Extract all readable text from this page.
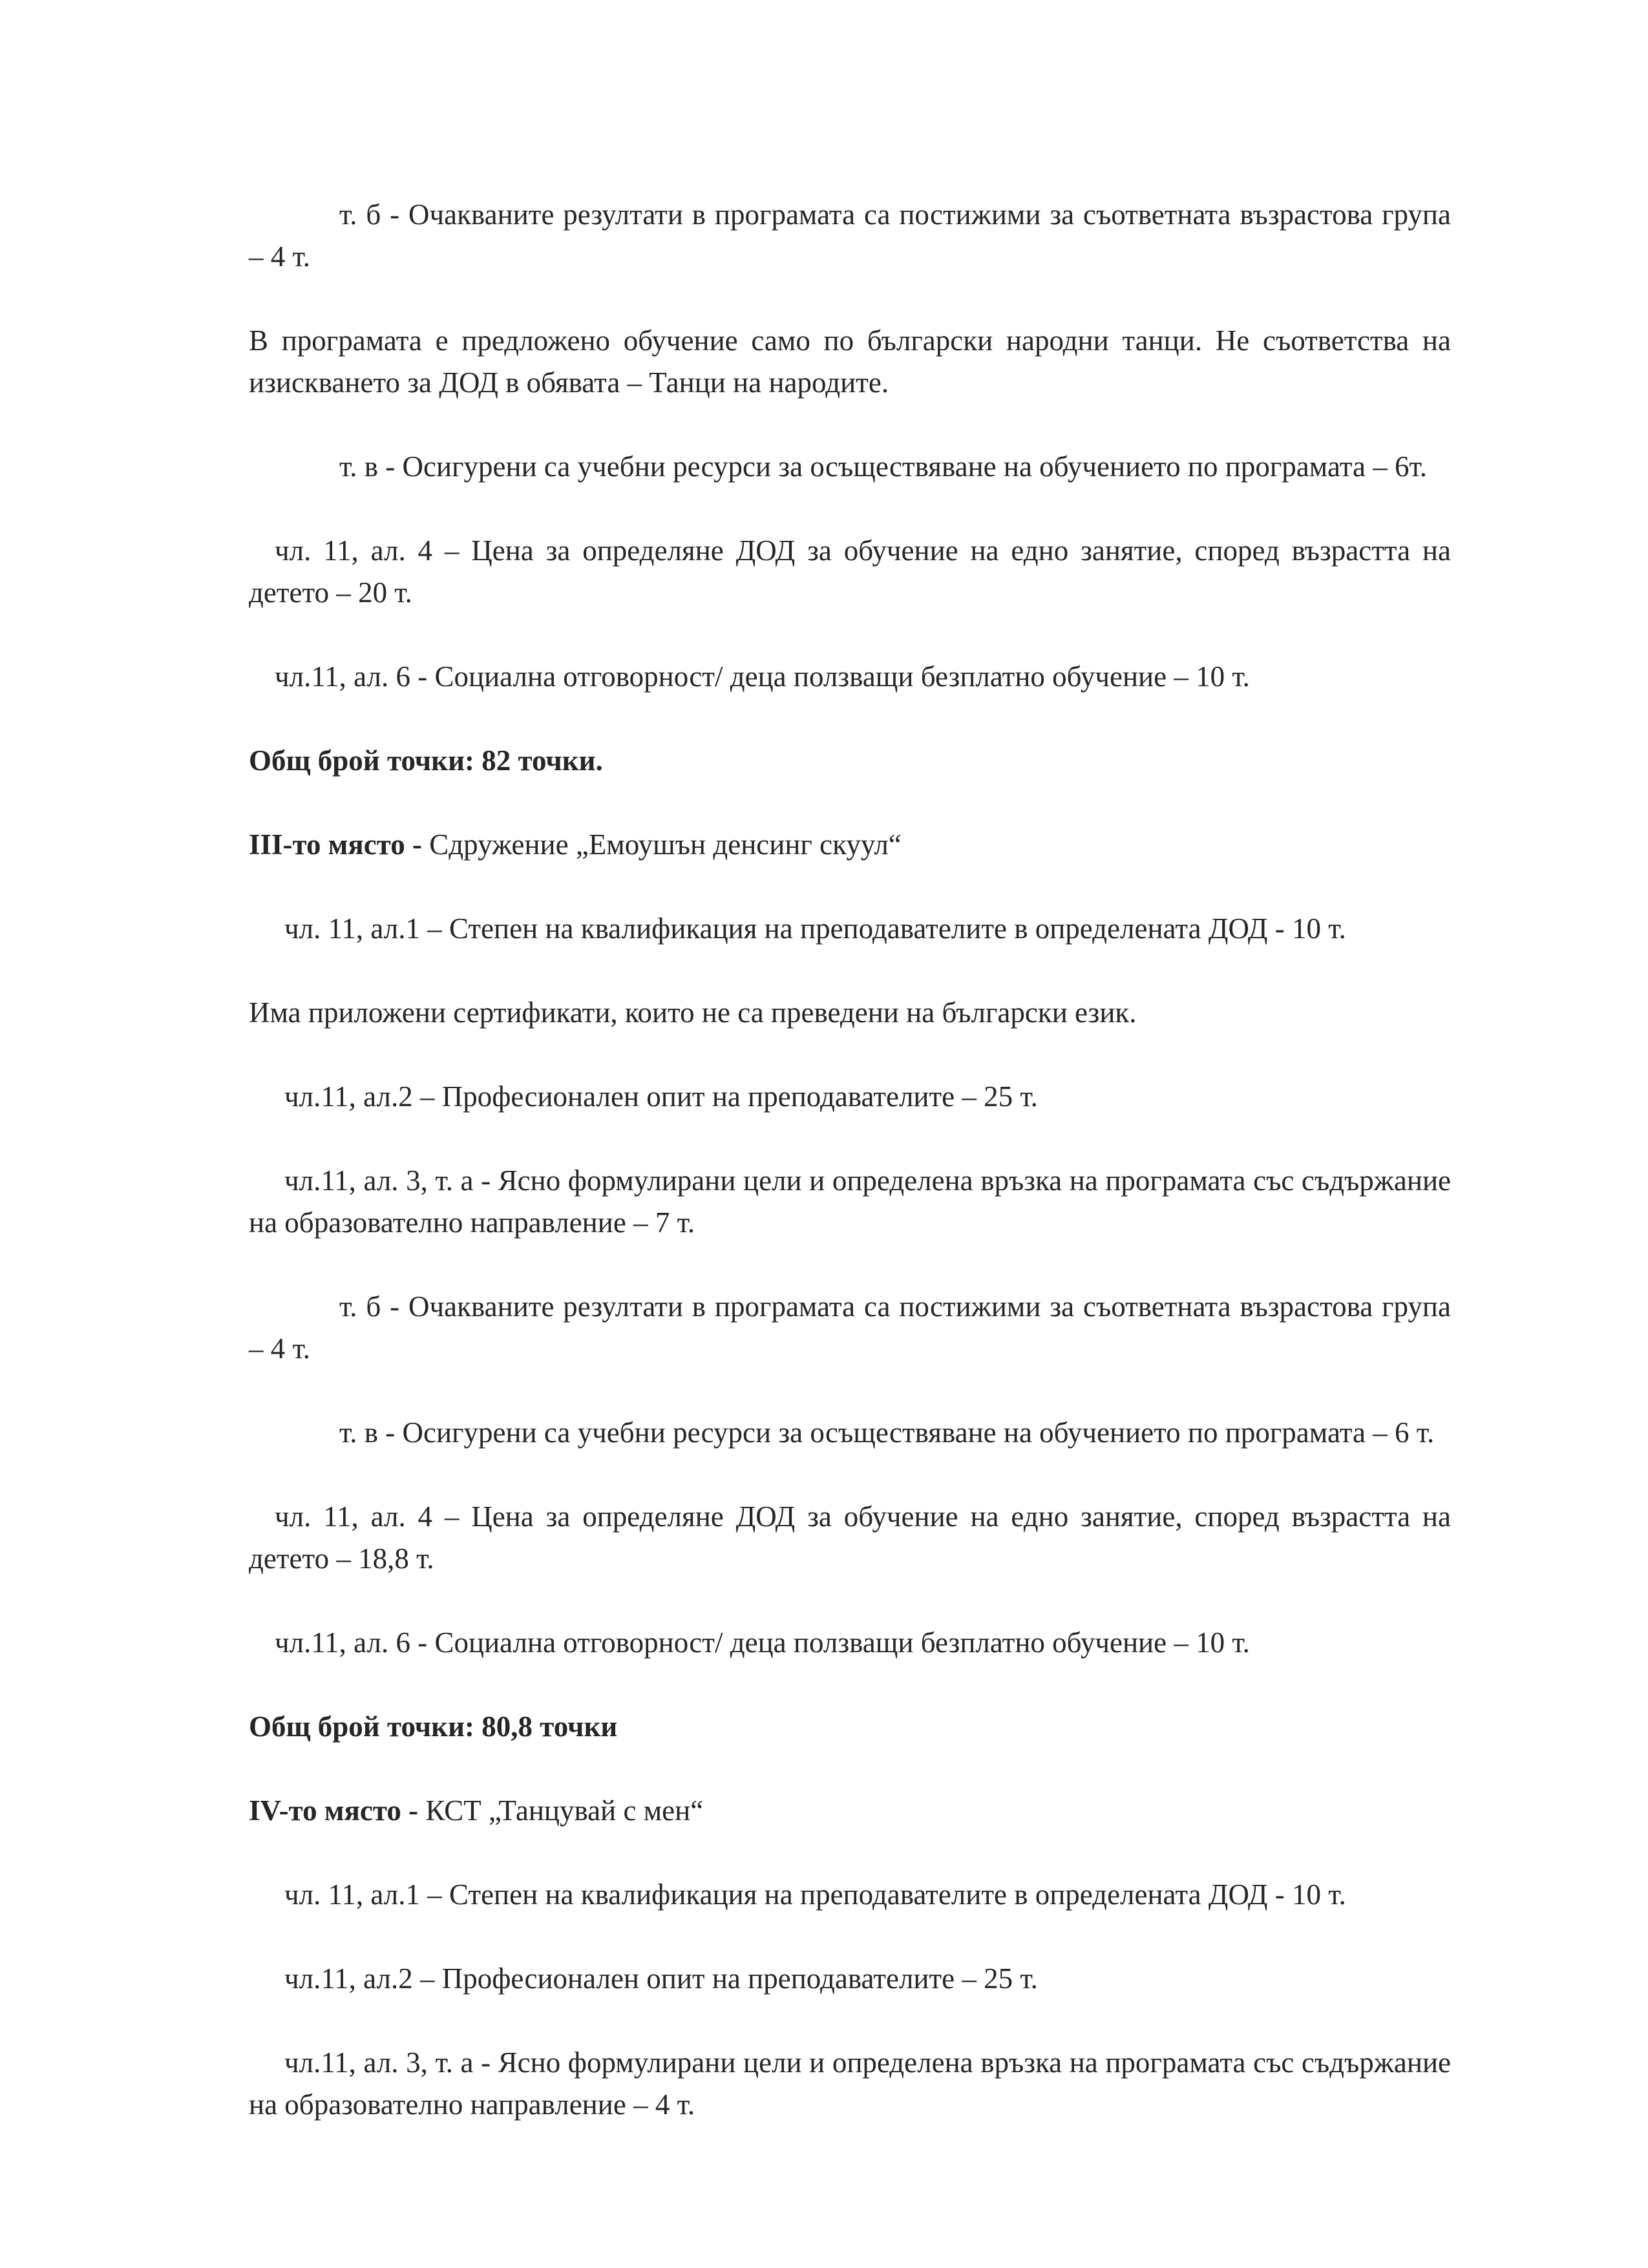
т. б - Очакваните резултати в програмата са постижими за съответната възрастова група – 4 т.

В програмата е предложено обучение само по български народни танци. Не съответства на изискването за ДОД в обявата – Танци на народите.

т. в - Осигурени са учебни ресурси за осъществяване на обучението по програмата – 6т.

чл. 11, ал. 4 – Цена за определяне ДОД за обучение на едно занятие, според възрастта на детето – 20 т.

чл.11, ал. 6 - Социална отговорност/ деца ползващи безплатно обучение – 10 т.

Общ брой точки: 82 точки.

III-то място - Сдружение „Емоушън денсинг скуул“

чл. 11, ал.1 – Степен на квалификация на преподавателите в определената ДОД - 10 т.

Има приложени сертификати, които не са преведени на български език.

чл.11, ал.2 – Професионален опит на преподавателите – 25 т.

чл.11, ал. 3, т. а - Ясно формулирани цели и определена връзка на програмата със съдържание на образователно направление – 7 т.

т. б - Очакваните резултати в програмата са постижими за съответната възрастова група – 4 т.

т. в - Осигурени са учебни ресурси за осъществяване на обучението по програмата – 6 т.

чл. 11, ал. 4 – Цена за определяне ДОД за обучение на едно занятие, според възрастта на детето – 18,8 т.

чл.11, ал. 6 - Социална отговорност/ деца ползващи безплатно обучение – 10 т.

Общ брой точки: 80,8 точки

IV-то място - КСТ „Танцувай с мен“

чл. 11, ал.1 – Степен на квалификация на преподавателите в определената ДОД - 10 т.

чл.11, ал.2 – Професионален опит на преподавателите – 25 т.

чл.11, ал. 3, т. а - Ясно формулирани цели и определена връзка на програмата със съдържание на образователно направление – 4 т.
